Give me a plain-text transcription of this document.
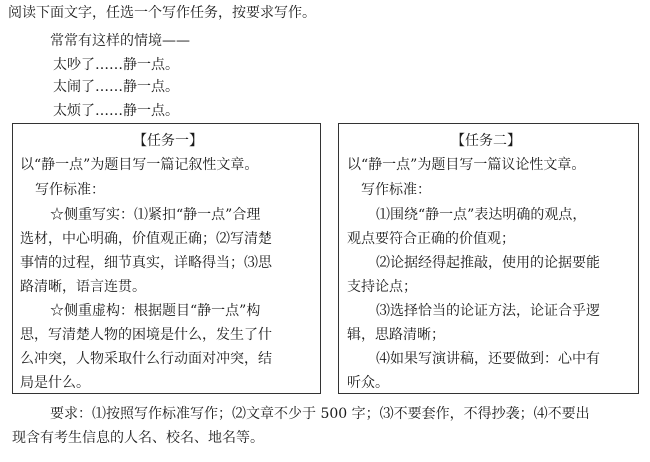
阅读下面文字，任选一个写作任务，按要求写作。
常常有这样的情境——
太吵了……静一点。
太闹了……静一点。
太烦了……静一点。
【任务一】
以“静一点”为题目写一篇记叙性文章。
写作标准：
☆侧重写实：⑴紧扣“静一点”合理
选材，中心明确，价值观正确；⑵写清楚
事情的过程，细节真实，详略得当；⑶思
路清晰，语言连贯。
☆侧重虚构：根据题目“静一点”构
思，写清楚人物的困境是什么，发生了什
么冲突，人物采取什么行动面对冲突，结
局是什么。
【任务二】
以“静一点”为题目写一篇议论性文章。
写作标准：
⑴围绕“静一点”表达明确的观点，
观点要符合正确的价值观；
⑵论据经得起推敲，使用的论据要能
支持论点；
⑶选择恰当的论证方法，论证合乎逻
辑，思路清晰；
⑷如果写演讲稿，还要做到：心中有
听众。
要求：⑴按照写作标准写作；⑵文章不少于 500 字；⑶不要套作，不得抄袭；⑷不要出
现含有考生信息的人名、校名、地名等。
